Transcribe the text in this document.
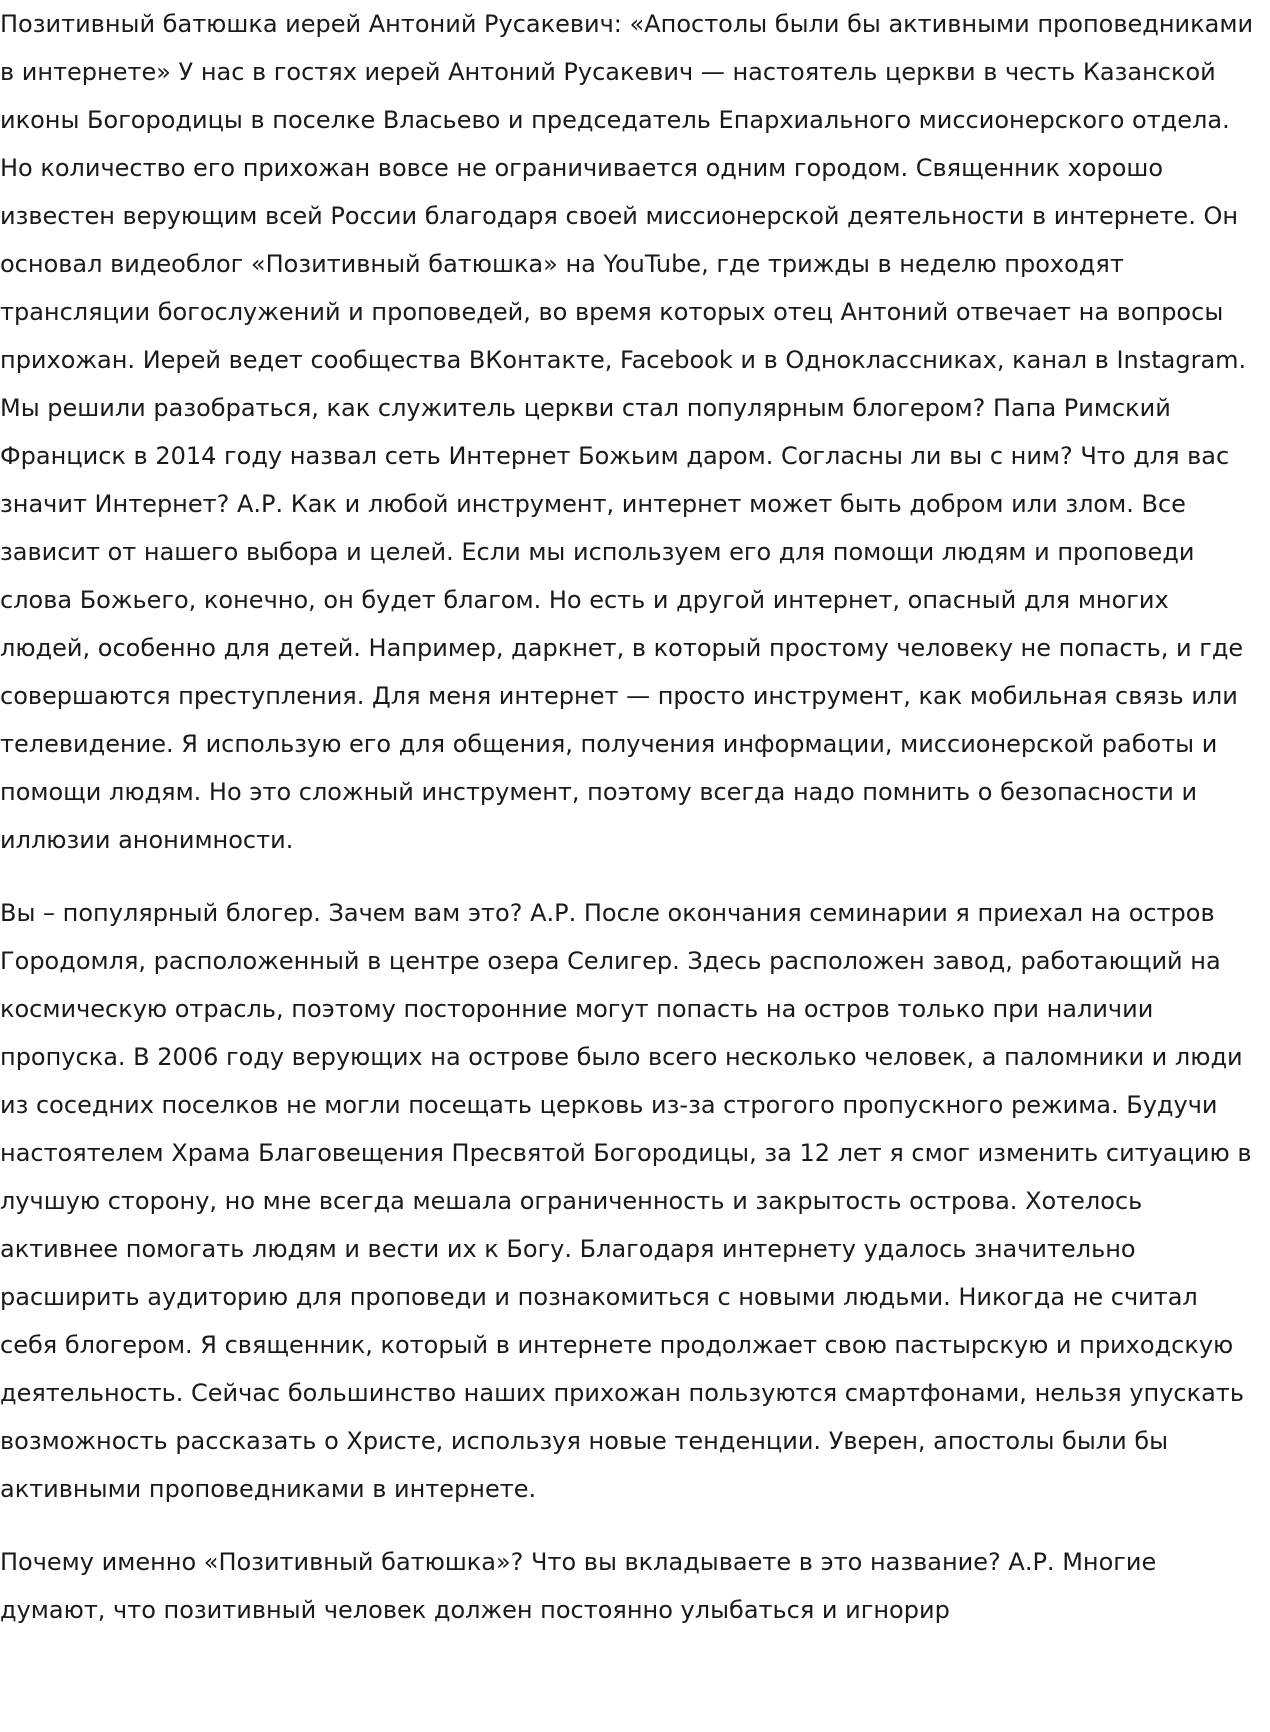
Позитивный батюшка иерей Антоний Русакевич: «Апостолы были бы активными проповедниками в интернете» У нас в гостях иерей Антоний Русакевич — настоятель церкви в честь Казанской иконы Богородицы в поселке Власьево и председатель Епархиального миссионерского отдела. Но количество его прихожан вовсе не ограничивается одним городом. Священник хорошо известен верующим всей России благодаря своей миссионерской деятельности в интернете. Он основал видеоблог «Позитивный батюшка» на YouTube, где трижды в неделю проходят трансляции богослужений и проповедей, во время которых отец Антоний отвечает на вопросы прихожан. Иерей ведет сообщества ВКонтакте, Facebook и в Одноклассниках, канал в Instagram. Мы решили разобраться, как служитель церкви стал популярным блогером? Папа Римский Франциск в 2014 году назвал сеть Интернет Божьим даром. Согласны ли вы с ним? Что для вас значит Интернет? А.Р. Как и любой инструмент, интернет может быть добром или злом. Все зависит от нашего выбора и целей. Если мы используем его для помощи людям и проповеди слова Божьего, конечно, он будет благом. Но есть и другой интернет, опасный для многих людей, особенно для детей. Например, даркнет, в который простому человеку не попасть, и где совершаются преступления. Для меня интернет — просто инструмент, как мобильная связь или телевидение. Я использую его для общения, получения информации, миссионерской работы и помощи людям. Но это сложный инструмент, поэтому всегда надо помнить о безопасности и иллюзии анонимности.

Вы – популярный блогер. Зачем вам это? А.Р. После окончания семинарии я приехал на остров Городомля, расположенный в центре озера Селигер. Здесь расположен завод, работающий на космическую отрасль, поэтому посторонние могут попасть на остров только при наличии пропуска. В 2006 году верующих на острове было всего несколько человек, а паломники и люди из соседних поселков не могли посещать церковь из-за строгого пропускного режима. Будучи настоятелем Храма Благовещения Пресвятой Богородицы, за 12 лет я смог изменить ситуацию в лучшую сторону, но мне всегда мешала ограниченность и закрытость острова. Хотелось активнее помогать людям и вести их к Богу. Благодаря интернету удалось значительно расширить аудиторию для проповеди и познакомиться с новыми людьми. Никогда не считал себя блогером. Я священник, который в интернете продолжает свою пастырскую и приходскую деятельность. Сейчас большинство наших прихожан пользуются смартфонами, нельзя упускать возможность рассказать о Христе, используя новые тенденции. Уверен, апостолы были бы активными проповедниками в интернете.

Почему именно «Позитивный батюшка»? Что вы вкладываете в это название? А.Р. Многие думают, что позитивный человек должен постоянно улыбаться и игнорир
